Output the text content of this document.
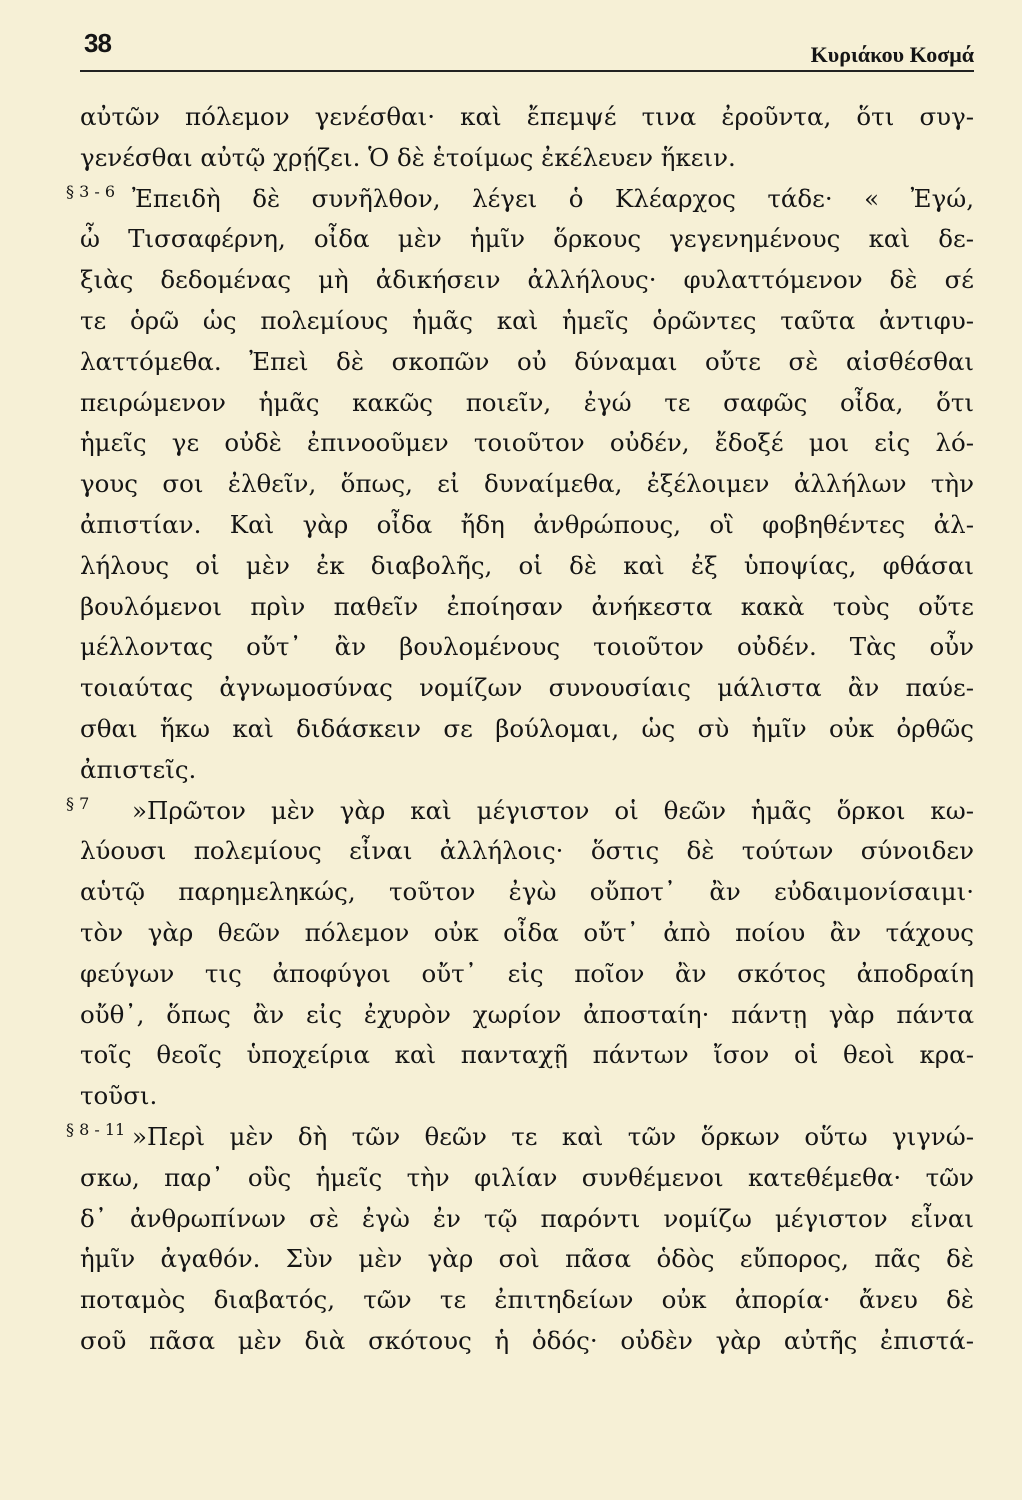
38	Κυριάκου Κοσμά
αὐτῶν πόλεμον γενέσθαι· καὶ ἔπεμψέ τινα ἐροῦντα, ὅτι συγ-
γενέσθαι αὐτῷ χρῄζει. Ὁ δὲ ἑτοίμως ἐκέλευεν ἥκειν.
§ 3 - 6 Ἐπειδὴ δὲ συνῆλθον, λέγει ὁ Κλέαρχος τάδε· « Ἐγώ,
ὦ Τισσαφέρνη, οἶδα μὲν ἡμῖν ὅρκους γεγενημένους καὶ δε-
ξιὰς δεδομένας μὴ ἀδικήσειν ἀλλήλους· φυλαττόμενον δὲ σέ
τε ὁρῶ ὡς πολεμίους ἡμᾶς καὶ ἡμεῖς ὁρῶντες ταῦτα ἀντιφυ-
λαττόμεθα. Ἐπεὶ δὲ σκοπῶν οὐ δύναμαι οὔτε σὲ αἰσθέσθαι
πειρώμενον ἡμᾶς κακῶς ποιεῖν, ἐγώ τε σαφῶς οἶδα, ὅτι
ἡμεῖς γε οὐδὲ ἐπινοοῦμεν τοιοῦτον οὐδέν, ἔδοξέ μοι εἰς λό-
γους σοι ἐλθεῖν, ὅπως, εἰ δυναίμεθα, ἐξέλοιμεν ἀλλήλων τὴν
ἀπιστίαν. Καὶ γὰρ οἶδα ἤδη ἀνθρώπους, οἳ φοβηθέντες ἀλ-
λήλους οἱ μὲν ἐκ διαβολῆς, οἱ δὲ καὶ ἐξ ὑποψίας, φθάσαι
βουλόμενοι πρὶν παθεῖν ἐποίησαν ἀνήκεστα κακὰ τοὺς οὔτε
μέλλοντας οὔτ᾽ ἂν βουλομένους τοιοῦτον οὐδέν. Τὰς οὖν
τοιαύτας ἀγνωμοσύνας νομίζων συνουσίαις μάλιστα ἂν παύε-
σθαι ἥκω καὶ διδάσκειν σε βούλομαι, ὡς σὺ ἡμῖν οὐκ ὀρθῶς
ἀπιστεῖς.
§ 7 »Πρῶτον μὲν γὰρ καὶ μέγιστον οἱ θεῶν ἡμᾶς ὅρκοι κω-
λύουσι πολεμίους εἶναι ἀλλήλοις· ὅστις δὲ τούτων σύνοιδεν
αὑτῷ παρημεληκώς, τοῦτον ἐγὼ οὔποτ᾽ ἂν εὐδαιμονίσαιμι·
τὸν γὰρ θεῶν πόλεμον οὐκ οἶδα οὔτ᾽ ἀπὸ ποίου ἂν τάχους
φεύγων τις ἀποφύγοι οὔτ᾽ εἰς ποῖον ἂν σκότος ἀποδραίη
οὔθ᾽, ὅπως ἂν εἰς ἐχυρὸν χωρίον ἀποσταίη· πάντῃ γὰρ πάντα
τοῖς θεοῖς ὑποχείρια καὶ πανταχῇ πάντων ἴσον οἱ θεοὶ κρα-
τοῦσι.
§ 8 - 11 »Περὶ μὲν δὴ τῶν θεῶν τε καὶ τῶν ὅρκων οὕτω γιγνώ-
σκω, παρ᾽ οὓς ἡμεῖς τὴν φιλίαν συνθέμενοι κατεθέμεθα· τῶν
δ᾽ ἀνθρωπίνων σὲ ἐγὼ ἐν τῷ παρόντι νομίζω μέγιστον εἶναι
ἡμῖν ἀγαθόν. Σὺν μὲν γὰρ σοὶ πᾶσα ὁδὸς εὔπορος, πᾶς δὲ
ποταμὸς διαβατός, τῶν τε ἐπιτηδείων οὐκ ἀπορία· ἄνευ δὲ
σοῦ πᾶσα μὲν διὰ σκότους ἡ ὁδός· οὐδὲν γὰρ αὐτῆς ἐπιστά-
